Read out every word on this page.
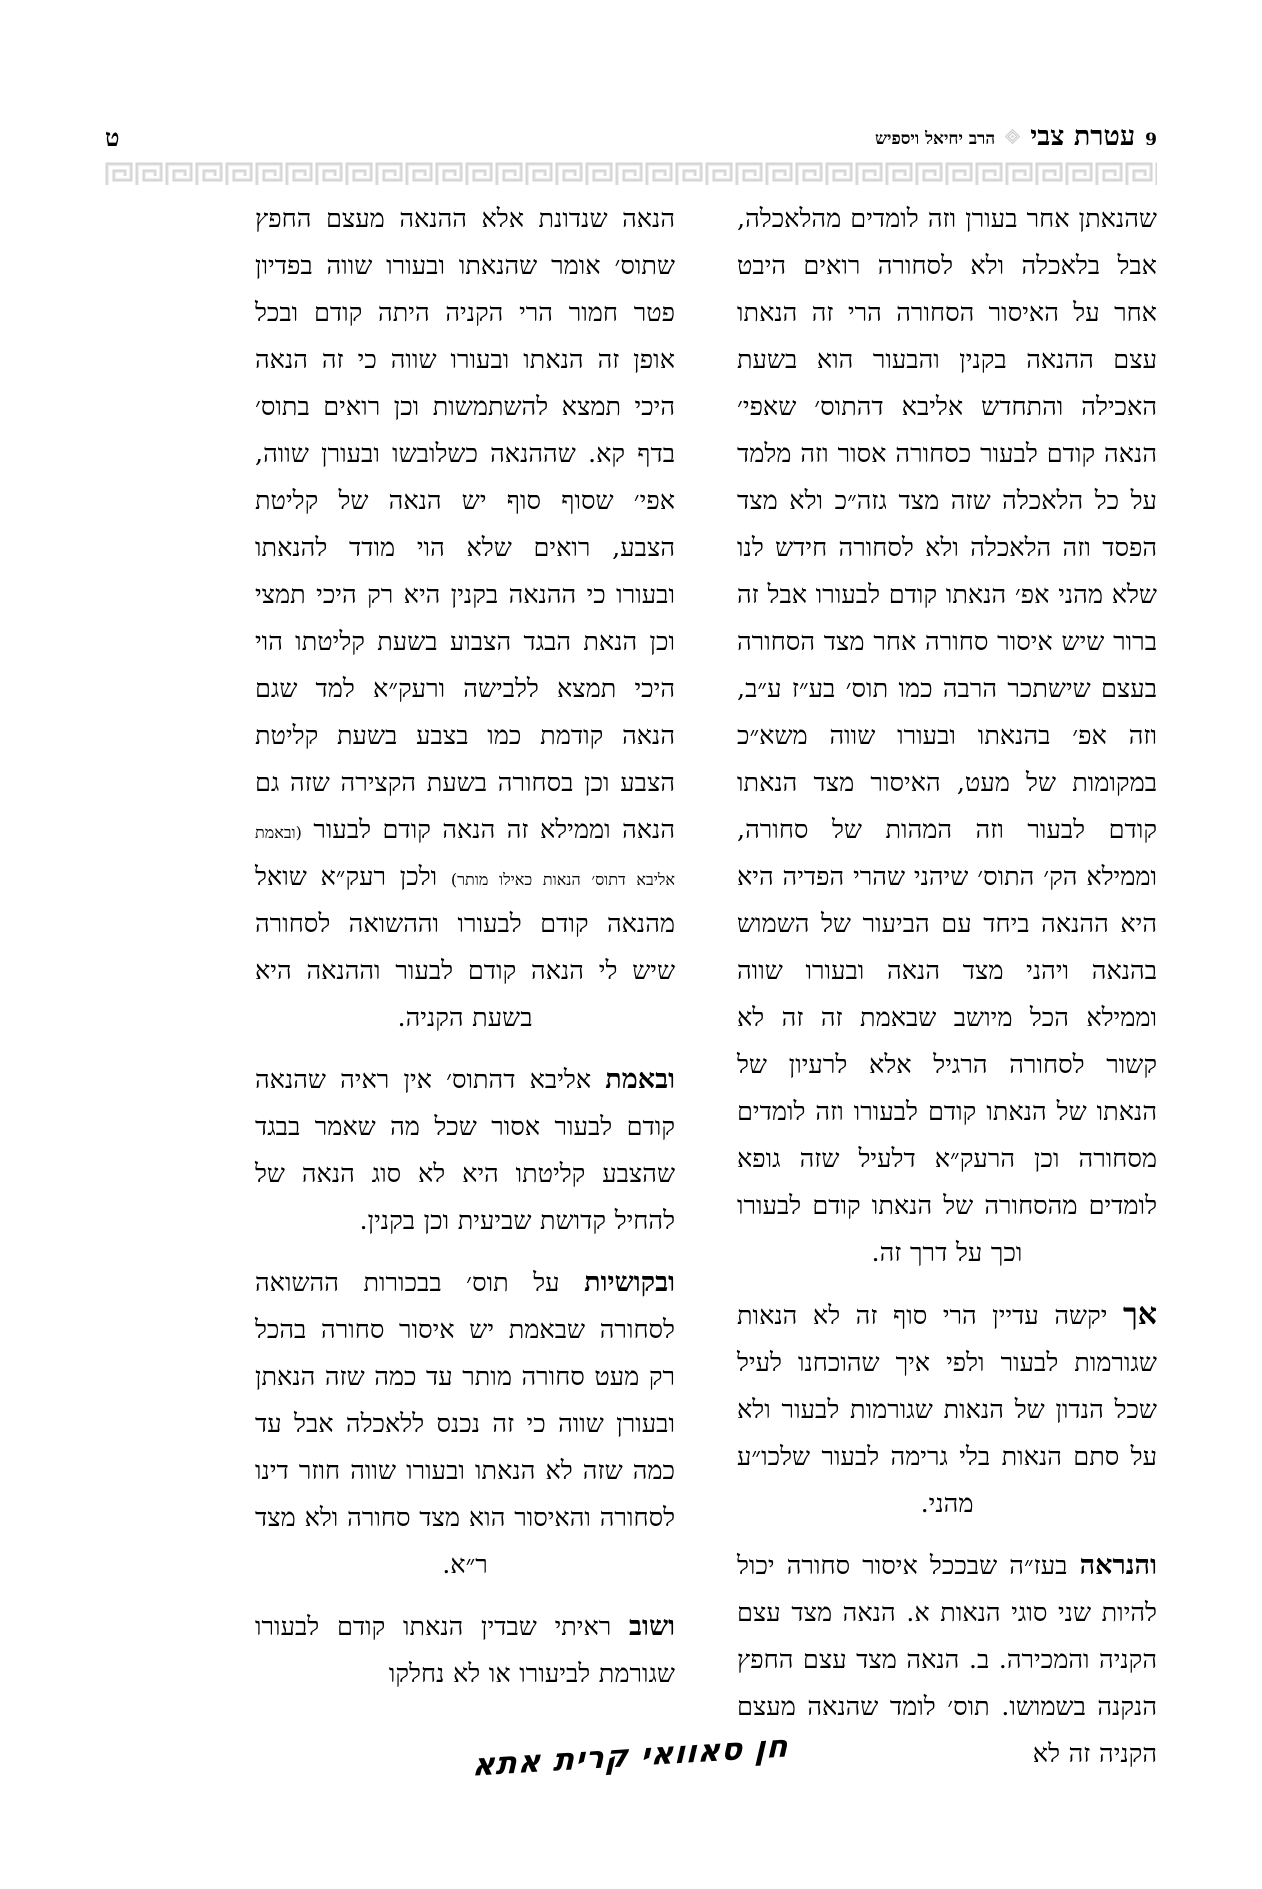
9
עטרת צבי
הרב יחיאל ויספיש
ט

שהנאתן אחר בעורן וזה לומדים מהלאכלה, אבל בלאכלה ולא לסחורה רואים היבט אחר על האיסור הסחורה הרי זה הנאתו עצם ההנאה בקנין והבעור הוא בשעת האכילה והתחדש אליבא דהתוס׳ שאפי׳ הנאה קודם לבעור כסחורה אסור וזה מלמד על כל הלאכלה שזה מצד גזה״כ ולא מצד הפסד וזה הלאכלה ולא לסחורה חידש לנו שלא מהני אפ׳ הנאתו קודם לבעורו אבל זה ברור שיש איסור סחורה אחר מצד הסחורה בעצם שישתכר הרבה כמו תוס׳ בע״ז ע״ב, וזה אפ׳ בהנאתו ובעורו שווה משא״כ במקומות של מעט, האיסור מצד הנאתו קודם לבעור וזה המהות של סחורה, וממילא הק׳ התוס׳ שיהני שהרי הפדיה היא היא ההנאה ביחד עם הביעור של השמוש בהנאה ויהני מצד הנאה ובעורו שווה וממילא הכל מיושב שבאמת זה זה לא קשור לסחורה הרגיל אלא לרעיון של הנאתו של הנאתו קודם לבעורו וזה לומדים מסחורה וכן הרעק״א דלעיל שזה גופא לומדים מהסחורה של הנאתו קודם לבעורו וכך על דרך זה.

אך יקשה עדיין הרי סוף זה לא הנאות שגורמות לבעור ולפי איך שהוכחנו לעיל שכל הנדון של הנאות שגורמות לבעור ולא על סתם הנאות בלי גרימה לבעור שלכו״ע מהני.

והנראה בעז״ה שבככל איסור סחורה יכול להיות שני סוגי הנאות א. הנאה מצד עצם הקניה והמכירה. ב. הנאה מצד עצם החפץ הנקנה בשמושו. תוס׳ לומד שהנאה מעצם הקניה זה לא

הנאה שנדונת אלא ההנאה מעצם החפץ שתוס׳ אומר שהנאתו ובעורו שווה בפדיון פטר חמור הרי הקניה היתה קודם ובכל אופן זה הנאתו ובעורו שווה כי זה הנאה היכי תמצא להשתמשות וכן רואים בתוס׳ בדף קא. שההנאה כשלובשו ובעורן שווה, אפי׳ שסוף סוף יש הנאה של קליטת הצבע, רואים שלא הוי מודד להנאתו ובעורו כי ההנאה בקנין היא רק היכי תמצי וכן הנאת הבגד הצבוע בשעת קליטתו הוי היכי תמצא ללבישה ורעק״א למד שגם הנאה קודמת כמו בצבע בשעת קליטת הצבע וכן בסחורה בשעת הקצירה שזה גם הנאה וממילא זה הנאה קודם לבעור (ובאמת אליבא דתוס׳ הנאות כאילו מותר) ולכן רעק״א שואל מהנאה קודם לבעורו וההשואה לסחורה שיש לי הנאה קודם לבעור וההנאה היא בשעת הקניה.

ובאמת אליבא דהתוס׳ אין ראיה שהנאה קודם לבעור אסור שכל מה שאמר בבגד שהצבע קליטתו היא לא סוג הנאה של להחיל קדושת שביעית וכן בקנין.

ובקושיות על תוס׳ בבכורות ההשואה לסחורה שבאמת יש איסור סחורה בהכל רק מעט סחורה מותר עד כמה שזה הנאתן ובעורן שווה כי זה נכנס ללאכלה אבל עד כמה שזה לא הנאתו ובעורו שווה חוזר דינו לסחורה והאיסור הוא מצד סחורה ולא מצד ר״א.

ושוב ראיתי שבדין הנאתו קודם לבעורו שגורמת לביעורו או לא נחלקו

חן סאוואי קרית אתא
